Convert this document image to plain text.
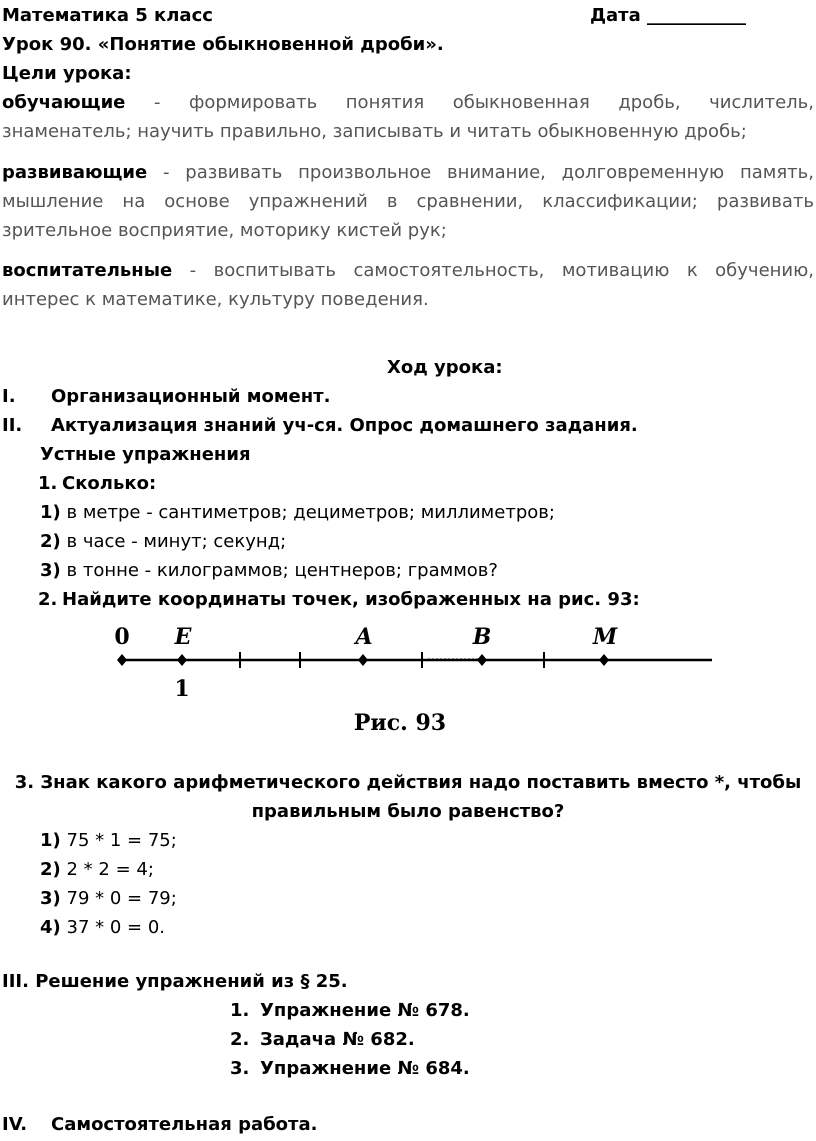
Математика 5 класс	Дата ___________
Урок 90. «Понятие обыкновенной дроби».
Цели урока:
обучающие - формировать понятия обыкновенная дробь, числитель,
знаменатель; научить правильно, записывать и читать обыкновенную дробь;
развивающие - развивать произвольное внимание, долговременную память,
мышление на основе упражнений в сравнении, классификации; развивать
зрительное восприятие, моторику кистей рук;
воспитательные - воспитывать самостоятельность, мотивацию к обучению,
интерес к математике, культуру поведения.
Ход урока:
I. Организационный момент.
II. Актуализация знаний уч-ся. Опрос домашнего задания.
Устные упражнения
1. Сколько:
1) в метре - сантиметров; дециметров; миллиметров;
2) в часе - минут; секунд;
3) в тонне - килограммов; центнеров; граммов?
2. Найдите координаты точек, изображенных на рис. 93:
0 E	A	B	M
1
Рис. 93
3. Знак какого арифметического действия надо поставить вместо *, чтобы
правильным было равенство?
1) 75 * 1 = 75;
2) 2 * 2 = 4;
3) 79 * 0 = 79;
4) 37 * 0 = 0.
III. Решение упражнений из § 25.
1. Упражнение № 678.
2. Задача № 682.
3. Упражнение № 684.
IV. Самостоятельная работа.
